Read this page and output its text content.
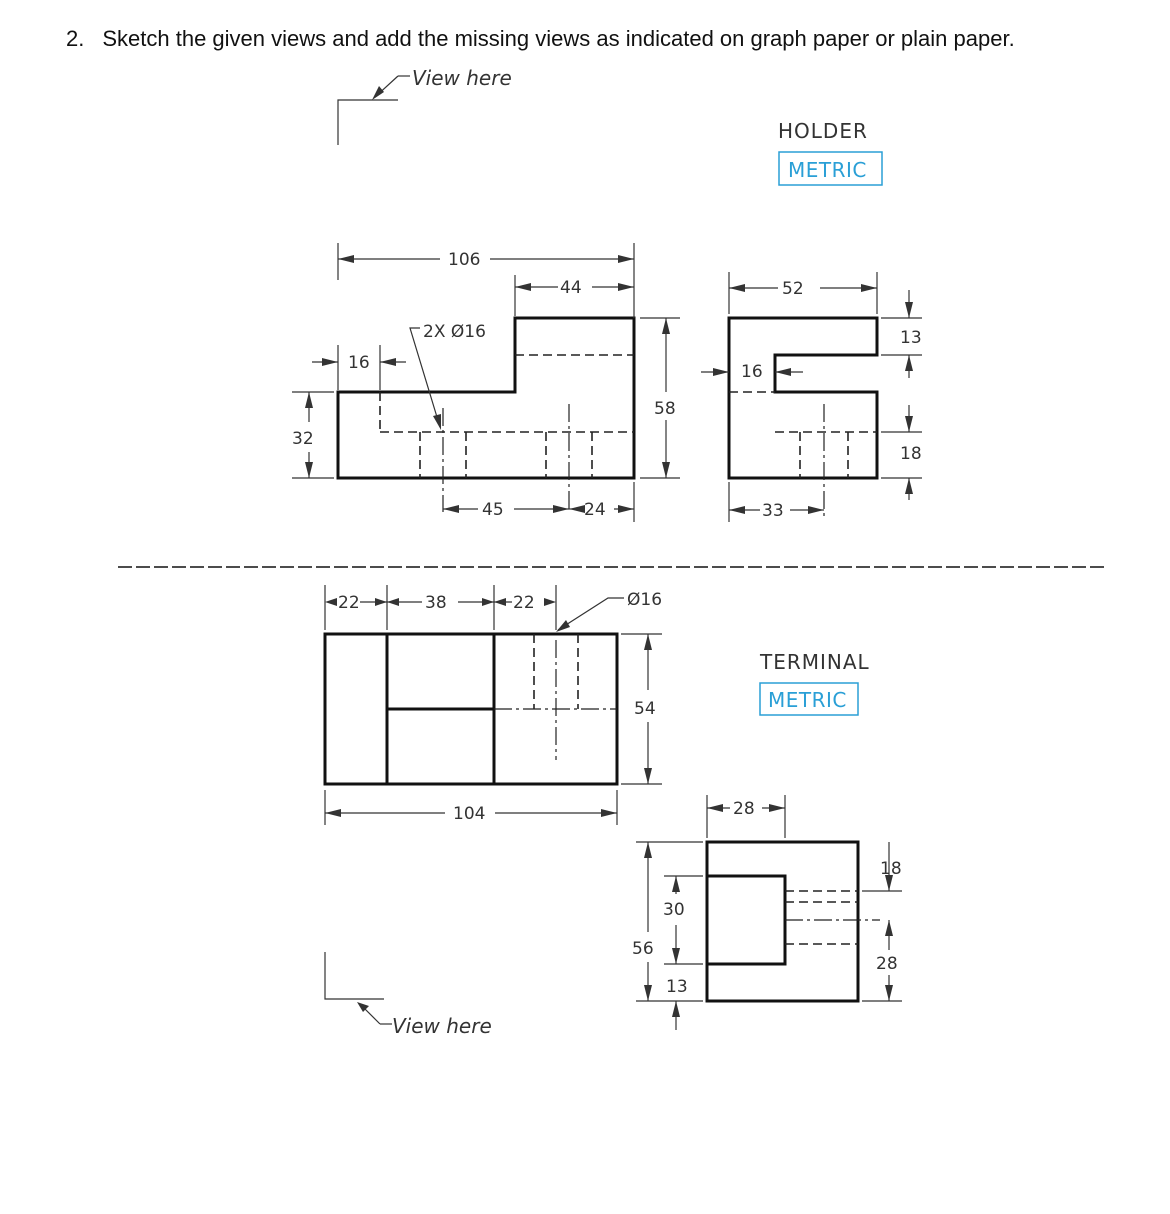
2. Sketch the given views and add the missing views as indicated on graph paper or plain paper.
View here
HOLDER
METRIC
106
44
2X Ø16
16
58
32
45	24
52
16
13
18
33
22	38	22	Ø16
54
104
TERMINAL
METRIC
28
56
30
13
18
28
View here
